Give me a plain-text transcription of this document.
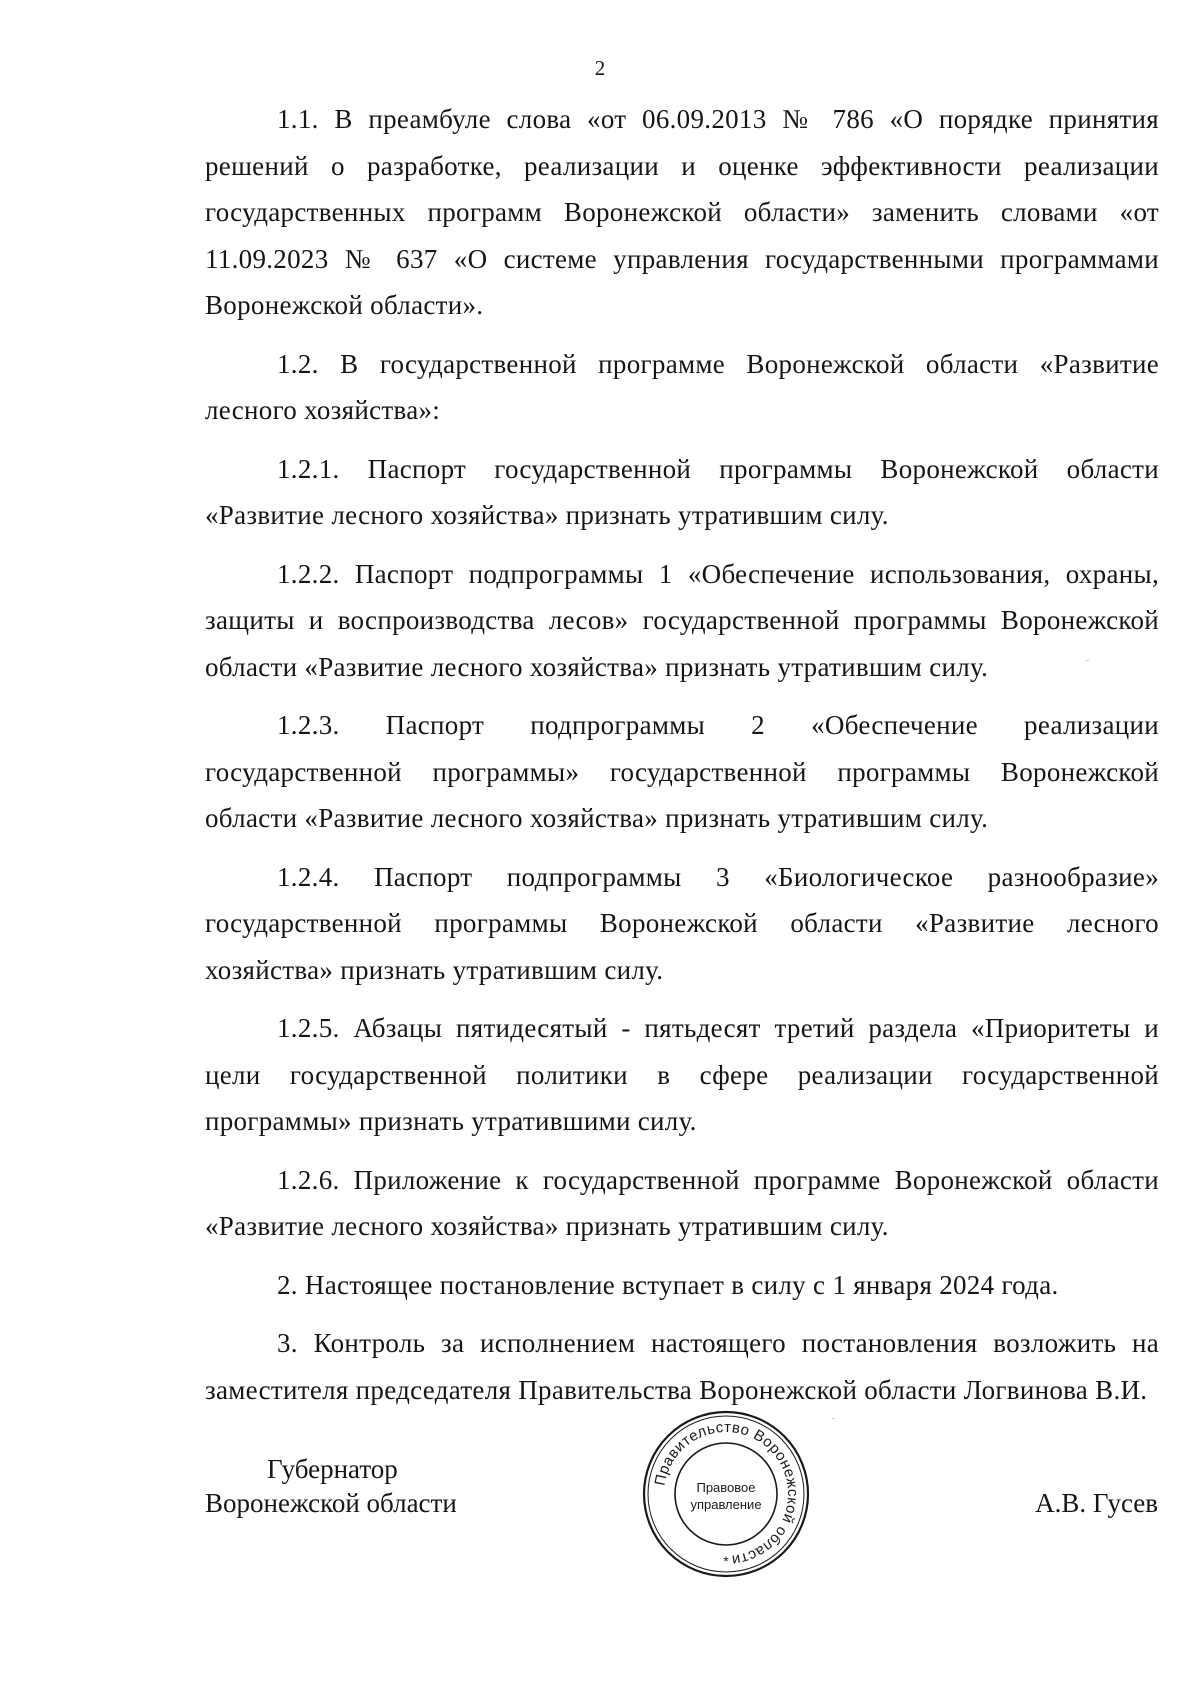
2

1.1. В преамбуле слова «от 06.09.2013 № 786 «О порядке принятия решений о разработке, реализации и оценке эффективности реализации государственных программ Воронежской области» заменить словами «от 11.09.2023 № 637 «О системе управления государственными программами Воронежской области».

1.2. В государственной программе Воронежской области «Развитие лесного хозяйства»:

1.2.1. Паспорт государственной программы Воронежской области «Развитие лесного хозяйства» признать утратившим силу.

1.2.2. Паспорт подпрограммы 1 «Обеспечение использования, охраны, защиты и воспроизводства лесов» государственной программы Воронежской области «Развитие лесного хозяйства» признать утратившим силу.

1.2.3. Паспорт подпрограммы 2 «Обеспечение реализации государственной программы» государственной программы Воронежской области «Развитие лесного хозяйства» признать утратившим силу.

1.2.4. Паспорт подпрограммы 3 «Биологическое разнообразие» государственной программы Воронежской области «Развитие лесного хозяйства» признать утратившим силу.

1.2.5. Абзацы пятидесятый - пятьдесят третий раздела «Приоритеты и цели государственной политики в сфере реализации государственной программы» признать утратившими силу.

1.2.6. Приложение к государственной программе Воронежской области «Развитие лесного хозяйства» признать утратившим силу.

2. Настоящее постановление вступает в силу с 1 января 2024 года.

3. Контроль за исполнением настоящего постановления возложить на заместителя председателя Правительства Воронежской области Логвинова В.И.

Губернатор
Воронежской области
Правительство Воронежской области
Правовое
управление
*
А.В. Гусев
